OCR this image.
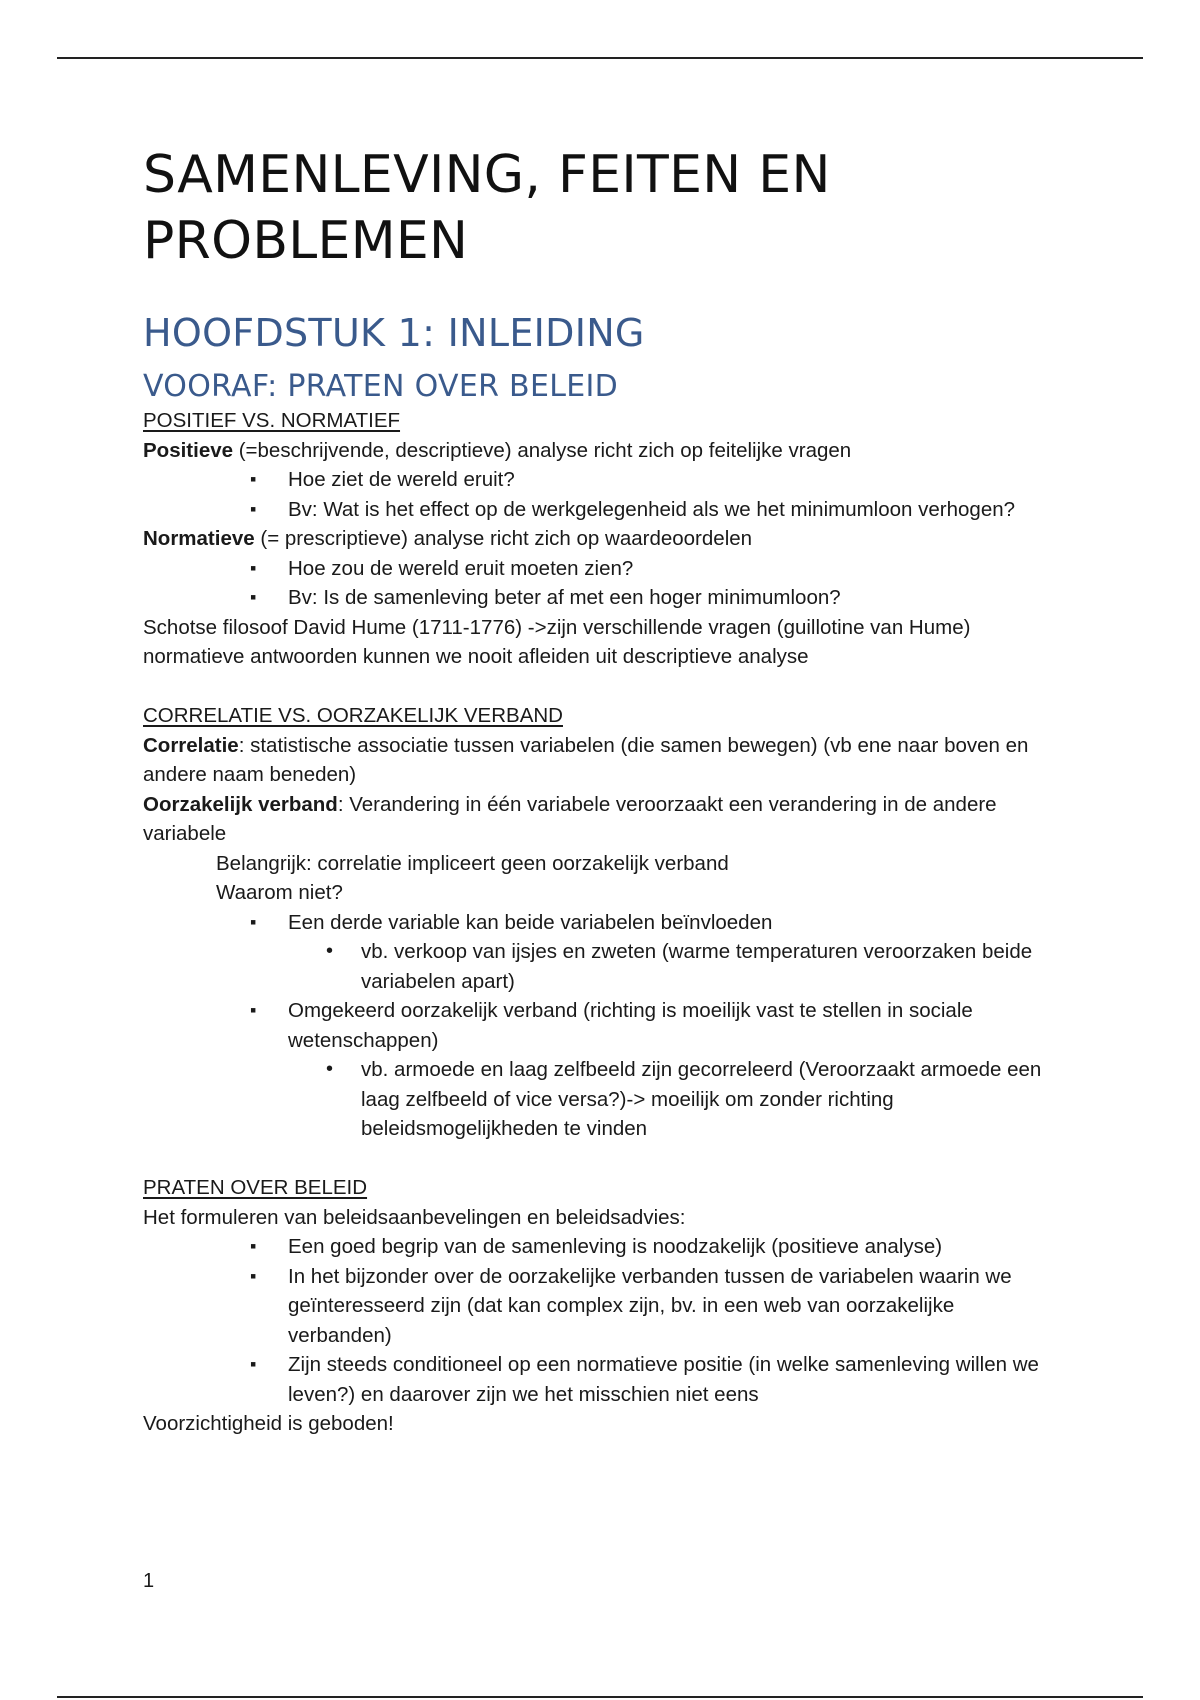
SAMENLEVING, FEITEN EN PROBLEMEN
HOOFDSTUK 1: INLEIDING
VOORAF: PRATEN OVER BELEID

POSITIEF VS. NORMATIEF

Positieve (=beschrijvende, descriptieve) analyse richt zich op feitelijke vragen

▪ Hoe ziet de wereld eruit?

▪ Bv: Wat is het effect op de werkgelegenheid als we het minimumloon verhogen?

Normatieve (= prescriptieve) analyse richt zich op waardeoordelen

▪ Hoe zou de wereld eruit moeten zien?

▪ Bv: Is de samenleving beter af met een hoger minimumloon?

Schotse filosoof David Hume (1711-1776) ->zijn verschillende vragen (guillotine van Hume)

normatieve antwoorden kunnen we nooit afleiden uit descriptieve analyse

CORRELATIE VS. OORZAKELIJK VERBAND

Correlatie: statistische associatie tussen variabelen (die samen bewegen) (vb ene naar boven en andere naam beneden)

Oorzakelijk verband: Verandering in één variabele veroorzaakt een verandering in de andere variabele

Belangrijk: correlatie impliceert geen oorzakelijk verband

Waarom niet?

▪ Een derde variable kan beide variabelen beïnvloeden

• vb. verkoop van ijsjes en zweten (warme temperaturen veroorzaken beide variabelen apart)

▪ Omgekeerd oorzakelijk verband (richting is moeilijk vast te stellen in sociale wetenschappen)

• vb. armoede en laag zelfbeeld zijn gecorreleerd (Veroorzaakt armoede een laag zelfbeeld of vice versa?)-> moeilijk om zonder richting beleidsmogelijkheden te vinden

PRATEN OVER BELEID

Het formuleren van beleidsaanbevelingen en beleidsadvies:

▪ Een goed begrip van de samenleving is noodzakelijk (positieve analyse)

▪ In het bijzonder over de oorzakelijke verbanden tussen de variabelen waarin we geïnteresseerd zijn (dat kan complex zijn, bv. in een web van oorzakelijke verbanden)

▪ Zijn steeds conditioneel op een normatieve positie (in welke samenleving willen we leven?) en daarover zijn we het misschien niet eens

Voorzichtigheid is geboden!

1
